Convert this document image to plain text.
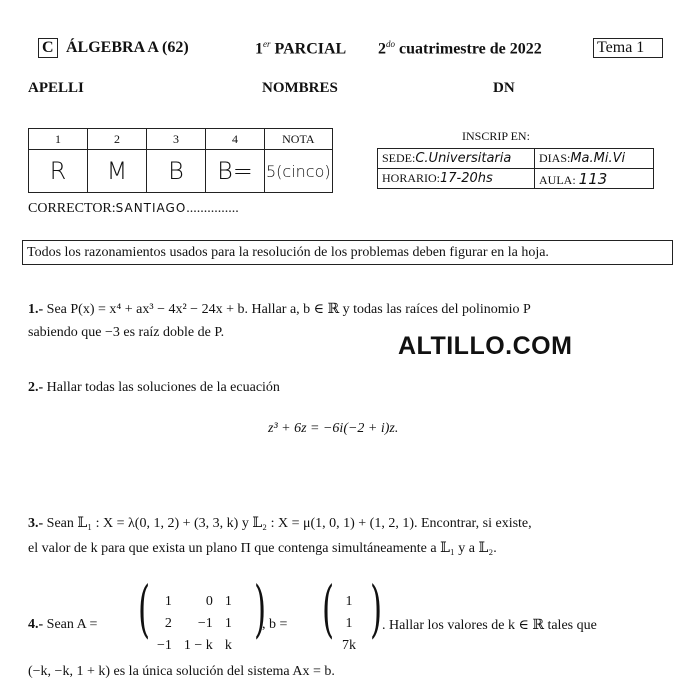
C ÁLGEBRA A (62)	1er PARCIAL $2^{do}$ cuatrimestre de 2022	Tema 1
APELLI	NOMBRES	DN
1	2	3	4	NOTA
R	M	B	B=	5(cinco)
INSCRIP EN:
SEDE:C.Universitaria	DIAS:Ma.Mi.Vi
HORARIO:17-20hs	AULA: 113
CORRECTOR:SANTIAGO...............
Todos los razonamientos usados para la resolución de los problemas deben figurar en la hoja.
1.- Sea P(x) = x⁴ + ax³ − 4x² − 24x + b. Hallar a, b ∈ ℝ y todas las raíces del polinomio P
sabiendo que −3 es raíz doble de P.	ALTILLO.COM
2.- Hallar todas las soluciones de la ecuación
z³ + 6z = −6i(−2 + i)z.
3.- Sean 𝕃₁ : X = λ(0, 1, 2) + (3, 3, k) y 𝕃₂ : X = μ(1, 0, 1) + (1, 2, 1). Encontrar, si existe,
el valor de k para que exista un plano Π que contenga simultáneamente a 𝕃₁ y a 𝕃₂.
4.- Sean A = ( 1	0	1
2	−1	1
−1	1 − k	k
)
, b = ( 1
1
7k
) . Hallar los valores de k ∈ ℝ tales que
(−k, −k, 1 + k) es la única solución del sistema Ax = b.
